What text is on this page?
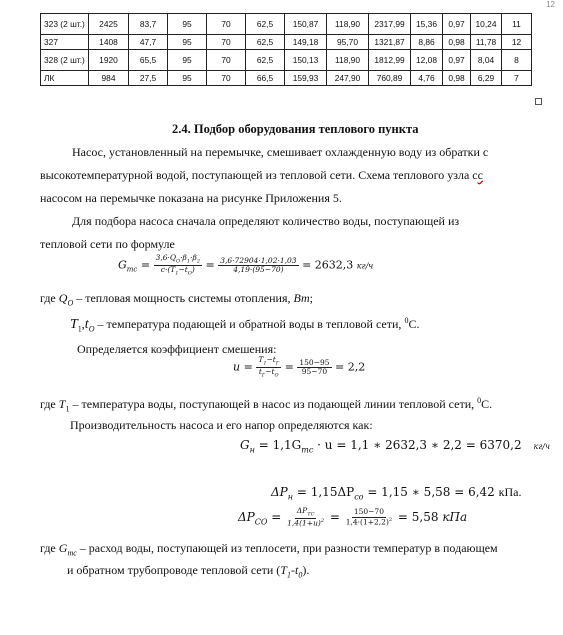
12
323 (2 шт.)	2425	83,7	95	70	62,5	150,87	118,90	2317,99	15,36	0,97	10,24	11
327	1408	47,7	95	70	62,5	149,18	95,70	1321,87	8,86	0,98	11,78	12
328 (2 шт.)	1920	65,5	95	70	62,5	150,13	118,90	1812,99	12,08	0,97	8,04	8
ЛК	984	27,5	95	70	66,5	159,93	247,90	760,89	4,76	0,98	6,29	7
2.4. Подбор оборудования теплового пункта
Насос, установленный на перемычке, смешивает охлажденную воду из обратки с
высокотемпературной водой, поступающей из тепловой сети. Схема теплового узла сс
насосом на перемычке показана на рисунке Приложения 5.
Для подбора насоса сначала определяют количество воды, поступающей из
тепловой сети по формуле
$G_{тс} = \frac{3,6\cdot Q_O\cdot\beta_1\cdot\beta_2}{c\cdot(T_1-t_O)} = \frac{3,6\cdot 72904\cdot 1,02\cdot 1,03}{4,19\cdot(95-70)} = 2632,3$ кг/ч
где $Q_O$ – тепловая мощность системы отопления, Вт;
$T_1,t_O$ – температура подающей и обратной воды в тепловой сети, $^0$С.
Определяется коэффициент смешения:
$u = \frac{T_1-t_Г}{t_Г-t_O} = \frac{150-95}{95-70} = 2,2$
где $T_1$ – температура воды, поступающей в насос из подающей линии тепловой сети, $^0$С.
Производительность насоса и его напор определяются как:
$G_н = 1,1G_{тс} \cdot u = 1,1$ ∗ 2632,3 ∗ 2,2 = 6370,2 кг/ч
$\Delta P_н = 1,15\Delta P_{со} = 1,15$ ∗ 5,58 = 6,42 кПа.
$\Delta P_{CO} = \frac{\Delta P_{TC}}{1,4(1+u)^2} = \frac{150-70}{1,4\cdot(1+2,2)^2} = 5,58$ кПа
где $G_{тс}$ – расход воды, поступающей из теплосети, при разности температур в подающем
и обратном трубопроводе тепловой сети $(T_1-t_0)$.
